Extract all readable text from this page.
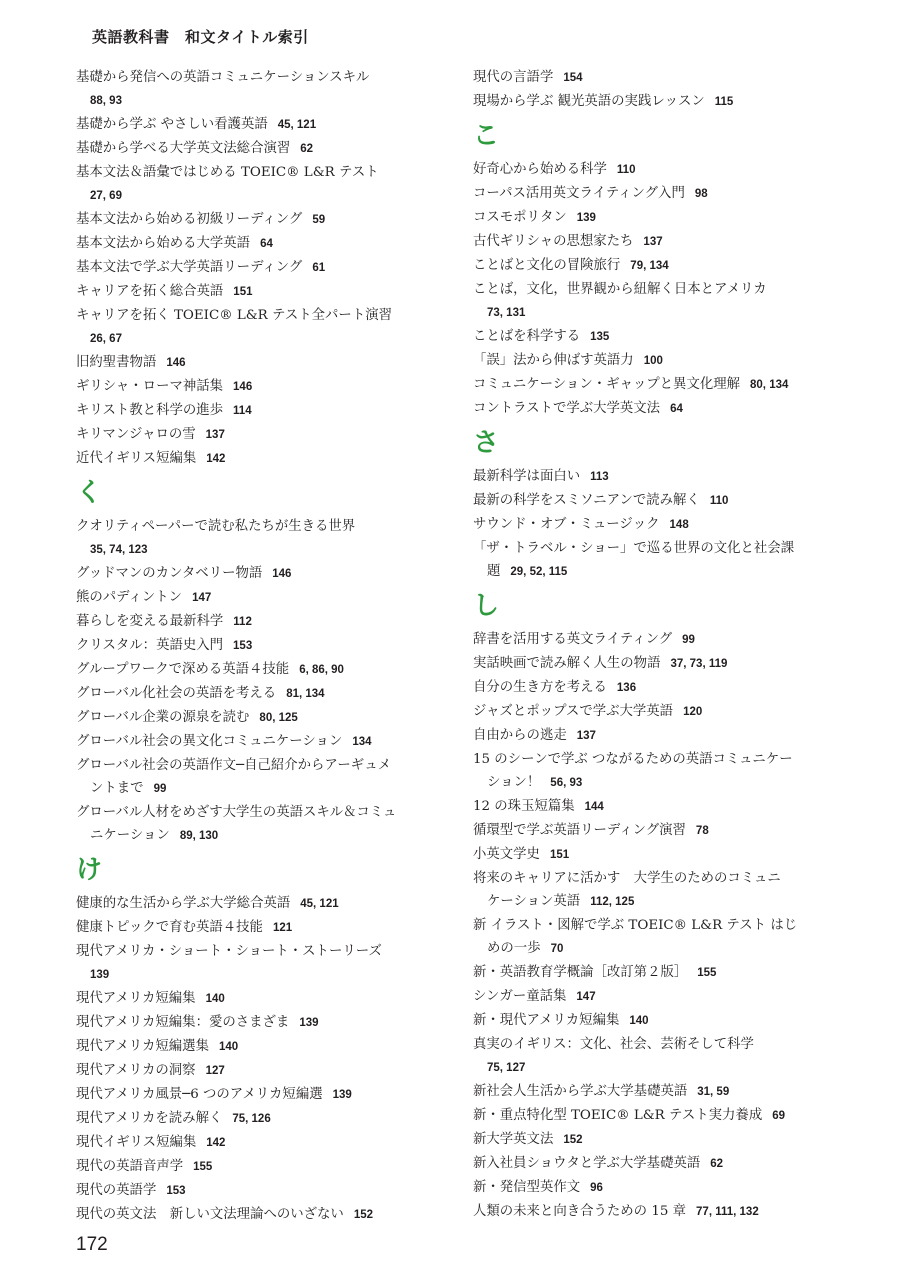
英語教科書　和文タイトル索引
基礎から発信への英語コミュニケーションスキル
88, 93
基礎から学ぶ やさしい看護英語 45, 121
基礎から学べる大学英文法総合演習 62
基本文法＆語彙ではじめる TOEIC® L&R テスト
27, 69
基本文法から始める初級リーディング 59
基本文法から始める大学英語 64
基本文法で学ぶ大学英語リーディング 61
キャリアを拓く総合英語 151
キャリアを拓く TOEIC® L&R テスト全パート演習
26, 67
旧約聖書物語 146
ギリシャ・ローマ神話集 146
キリスト教と科学の進歩 114
キリマンジャロの雪 137
近代イギリス短編集 142
く
クオリティペーパーで読む私たちが生きる世界
35, 74, 123
グッドマンのカンタベリー物語 146
熊のパディントン 147
暮らしを変える最新科学 112
クリスタル：英語史入門 153
グループワークで深める英語４技能 6, 86, 90
グローバル化社会の英語を考える 81, 134
グローバル企業の源泉を読む 80, 125
グローバル社会の異文化コミュニケーション 134
グローバル社会の英語作文─自己紹介からアーギュメ
ントまで 99
グローバル人材をめざす大学生の英語スキル＆コミュ
ニケーション 89, 130
け
健康的な生活から学ぶ大学総合英語 45, 121
健康トピックで育む英語４技能 121
現代アメリカ・ショート・ショート・ストーリーズ
139
現代アメリカ短編集 140
現代アメリカ短編集：愛のさまざま 139
現代アメリカ短編選集 140
現代アメリカの洞察 127
現代アメリカ風景─6 つのアメリカ短編選 139
現代アメリカを読み解く 75, 126
現代イギリス短編集 142
現代の英語音声学 155
現代の英語学 153
現代の英文法　新しい文法理論へのいざない 152
現代の言語学 154
現場から学ぶ 観光英語の実践レッスン 115
こ
好奇心から始める科学 110
コーパス活用英文ライティング入門 98
コスモポリタン 139
古代ギリシャの思想家たち 137
ことばと文化の冒険旅行 79, 134
ことば，文化，世界観から紐解く日本とアメリカ
73, 131
ことばを科学する 135
「誤」法から伸ばす英語力 100
コミュニケーション・ギャップと異文化理解 80, 134
コントラストで学ぶ大学英文法 64
さ
最新科学は面白い 113
最新の科学をスミソニアンで読み解く 110
サウンド・オブ・ミュージック 148
「ザ・トラベル・ショー」で巡る世界の文化と社会課
題 29, 52, 115
し
辞書を活用する英文ライティング 99
実話映画で読み解く人生の物語 37, 73, 119
自分の生き方を考える 136
ジャズとポップスで学ぶ大学英語 120
自由からの逃走 137
15 のシーンで学ぶ つながるための英語コミュニケー
ション！ 56, 93
12 の珠玉短篇集 144
循環型で学ぶ英語リーディング演習 78
小英文学史 151
将来のキャリアに活かす　大学生のためのコミュニ
ケーション英語 112, 125
新 イラスト・図解で学ぶ TOEIC® L&R テスト はじ
めの一歩 70
新・英語教育学概論［改訂第２版］ 155
シンガー童話集 147
新・現代アメリカ短編集 140
真実のイギリス：文化、社会、芸術そして科学
75, 127
新社会人生活から学ぶ大学基礎英語 31, 59
新・重点特化型 TOEIC® L&R テスト実力養成 69
新大学英文法 152
新入社員ショウタと学ぶ大学基礎英語 62
新・発信型英作文 96
人類の未来と向き合うための 15 章 77, 111, 132
172
